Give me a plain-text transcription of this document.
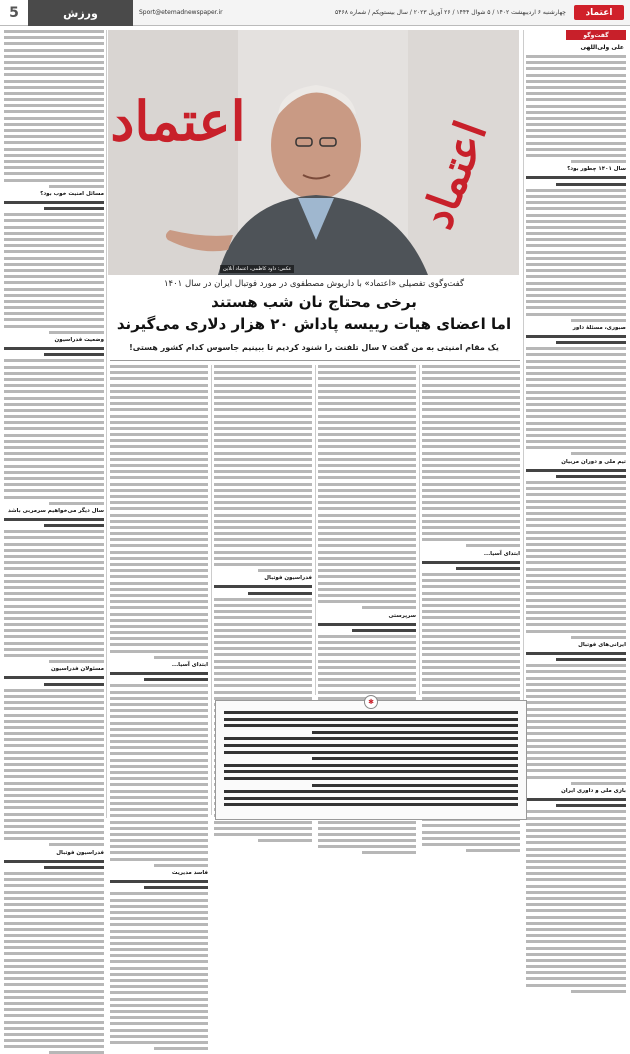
5	ورزش	Sport@etemadnewspaper.ir	چهارشنبه ۶ اردیبهشت ۱۴۰۲ / ۵ شوال ۱۴۴۴ / ۲۶ آوریل ۲۰۲۳ / سال بیستویکم / شماره ۵۴۶۸	اعتماد
گفت‌وگو
علی ولی‌اللهی
سال ۱۴۰۱ چطور بود؟
صبوری، مسئلهٔ داور
تیم ملی و دوران مربیان
ایرانی‌های فوتبال
بازی ملی و داوری ایران
اعتماد	اعتماد
عکس: داود کاظمی، اعتماد آنلاین
گفت‌وگوی تفصیلی «اعتماد» با داریوش مصطفوی در مورد فوتبال ایران در سال ۱۴۰۱
برخی محتاج نان شب هستند
اما اعضای هیات رییسه پاداش ۲۰ هزار دلاری می‌گیرند
یک مقام امنیتی به من گفت ۷ سال تلفنت را شنود کردیم تا ببینیم جاسوس کدام کشور هستی!
مسائل امنیت خوب بود؟
وضعیت فدراسیون
سال دیگر می‌خواهیم سرمربی باشد
مسئولان فدراسیون
فدراسیون فوتبال
ابتدای آسیا...
سرپرستی
فدراسیون فوتبال
ابتدای آسیا...
فاسد مدیریت
✱
